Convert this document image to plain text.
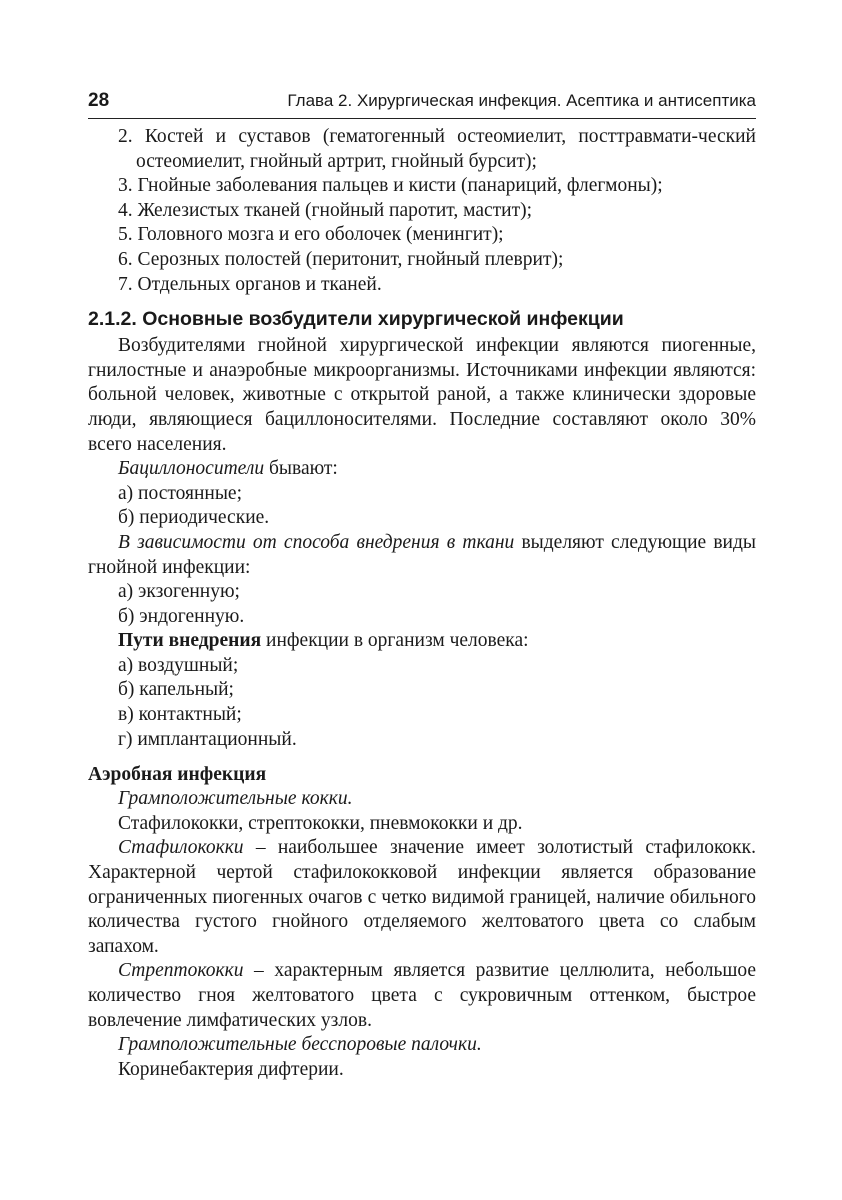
28	Глава 2. Хирургическая инфекция. Асептика и антисептика

2. Костей и суставов (гематогенный остеомиелит, посттравмати-ческий остеомиелит, гнойный артрит, гнойный бурсит);

3. Гнойные заболевания пальцев и кисти (панариций, флегмоны);

4. Железистых тканей (гнойный паротит, мастит);

5. Головного мозга и его оболочек (менингит);

6. Серозных полостей (перитонит, гнойный плеврит);

7. Отдельных органов и тканей.

2.1.2. Основные возбудители хирургической инфекции

Возбудителями гнойной хирургической инфекции являются пиогенные, гнилостные и анаэробные микроорганизмы. Источниками инфекции являются: больной человек, животные с открытой раной, а также клинически здоровые люди, являющиеся бациллоносителями. Последние составляют около 30% всего населения.

Бациллоносители бывают:

а) постоянные;

б) периодические.

В зависимости от способа внедрения в ткани выделяют следующие виды гнойной инфекции:

а) экзогенную;

б) эндогенную.

Пути внедрения инфекции в организм человека:

а) воздушный;

б) капельный;

в) контактный;

г) имплантационный.

Аэробная инфекция

Грамположительные кокки.

Стафилококки, стрептококки, пневмококки и др.

Стафилококки – наибольшее значение имеет золотистый стафилококк. Характерной чертой стафилококковой инфекции является образование ограниченных пиогенных очагов с четко видимой границей, наличие обильного количества густого гнойного отделяемого желтоватого цвета со слабым запахом.

Стрептококки – характерным является развитие целлюлита, небольшое количество гноя желтоватого цвета с сукровичным оттенком, быстрое вовлечение лимфатических узлов.

Грамположительные бесспоровые палочки.

Коринебактерия дифтерии.
